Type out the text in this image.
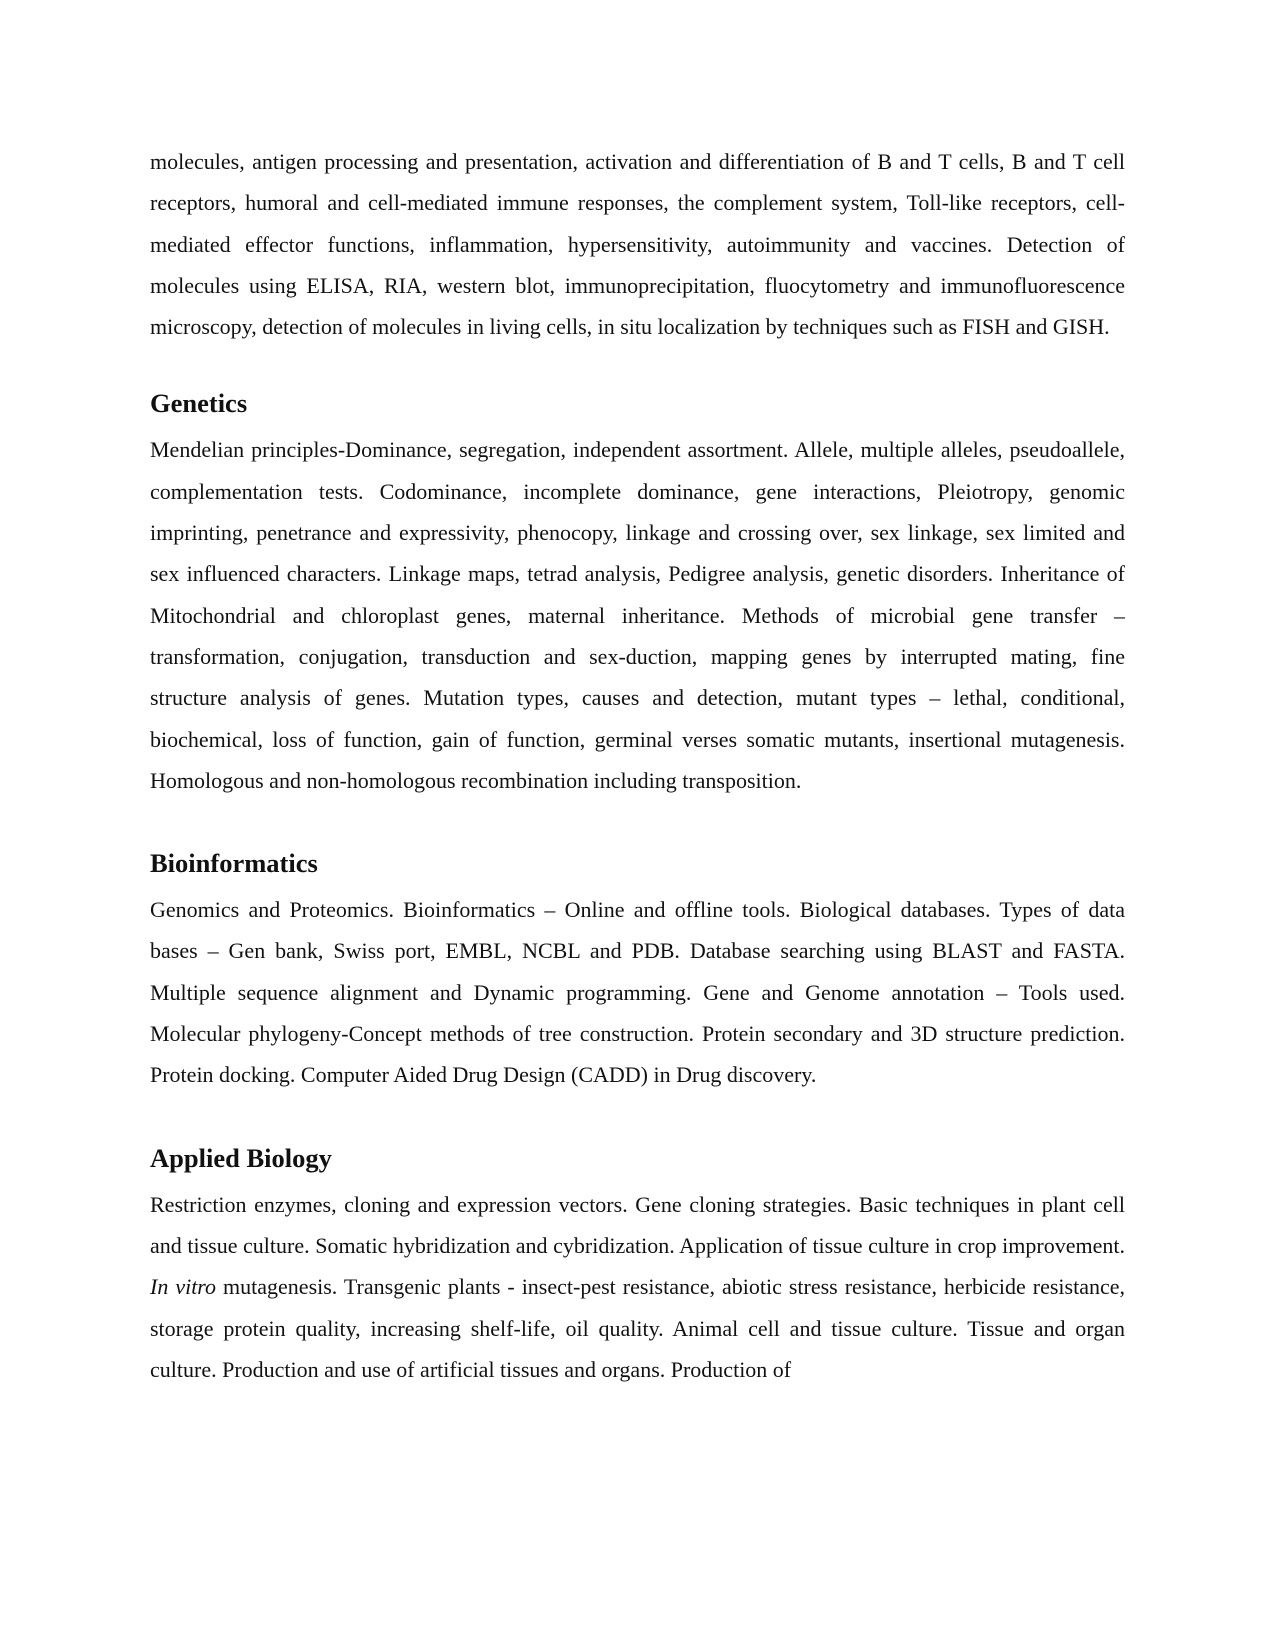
molecules, antigen processing and presentation, activation and differentiation of B and T cells, B and T cell receptors, humoral and cell-mediated immune responses, the complement system, Toll-like receptors, cell-mediated effector functions, inflammation, hypersensitivity, autoimmunity and vaccines. Detection of molecules using ELISA, RIA, western blot, immunoprecipitation, fluocytometry and immunofluorescence microscopy, detection of molecules in living cells, in situ localization by techniques such as FISH and GISH.

Genetics

Mendelian principles-Dominance, segregation, independent assortment. Allele, multiple alleles, pseudoallele, complementation tests. Codominance, incomplete dominance, gene interactions, Pleiotropy, genomic imprinting, penetrance and expressivity, phenocopy, linkage and crossing over, sex linkage, sex limited and sex influenced characters. Linkage maps, tetrad analysis, Pedigree analysis, genetic disorders. Inheritance of Mitochondrial and chloroplast genes, maternal inheritance. Methods of microbial gene transfer – transformation, conjugation, transduction and sex-duction, mapping genes by interrupted mating, fine structure analysis of genes. Mutation types, causes and detection, mutant types – lethal, conditional, biochemical, loss of function, gain of function, germinal verses somatic mutants, insertional mutagenesis. Homologous and non-homologous recombination including transposition.

Bioinformatics

Genomics and Proteomics. Bioinformatics – Online and offline tools. Biological databases. Types of data bases – Gen bank, Swiss port, EMBL, NCBL and PDB. Database searching using BLAST and FASTA. Multiple sequence alignment and Dynamic programming. Gene and Genome annotation – Tools used. Molecular phylogeny-Concept methods of tree construction. Protein secondary and 3D structure prediction. Protein docking. Computer Aided Drug Design (CADD) in Drug discovery.

Applied Biology

Restriction enzymes, cloning and expression vectors. Gene cloning strategies. Basic techniques in plant cell and tissue culture. Somatic hybridization and cybridization. Application of tissue culture in crop improvement. In vitro mutagenesis. Transgenic plants - insect-pest resistance, abiotic stress resistance, herbicide resistance, storage protein quality, increasing shelf-life, oil quality. Animal cell and tissue culture. Tissue and organ culture. Production and use of artificial tissues and organs. Production of
